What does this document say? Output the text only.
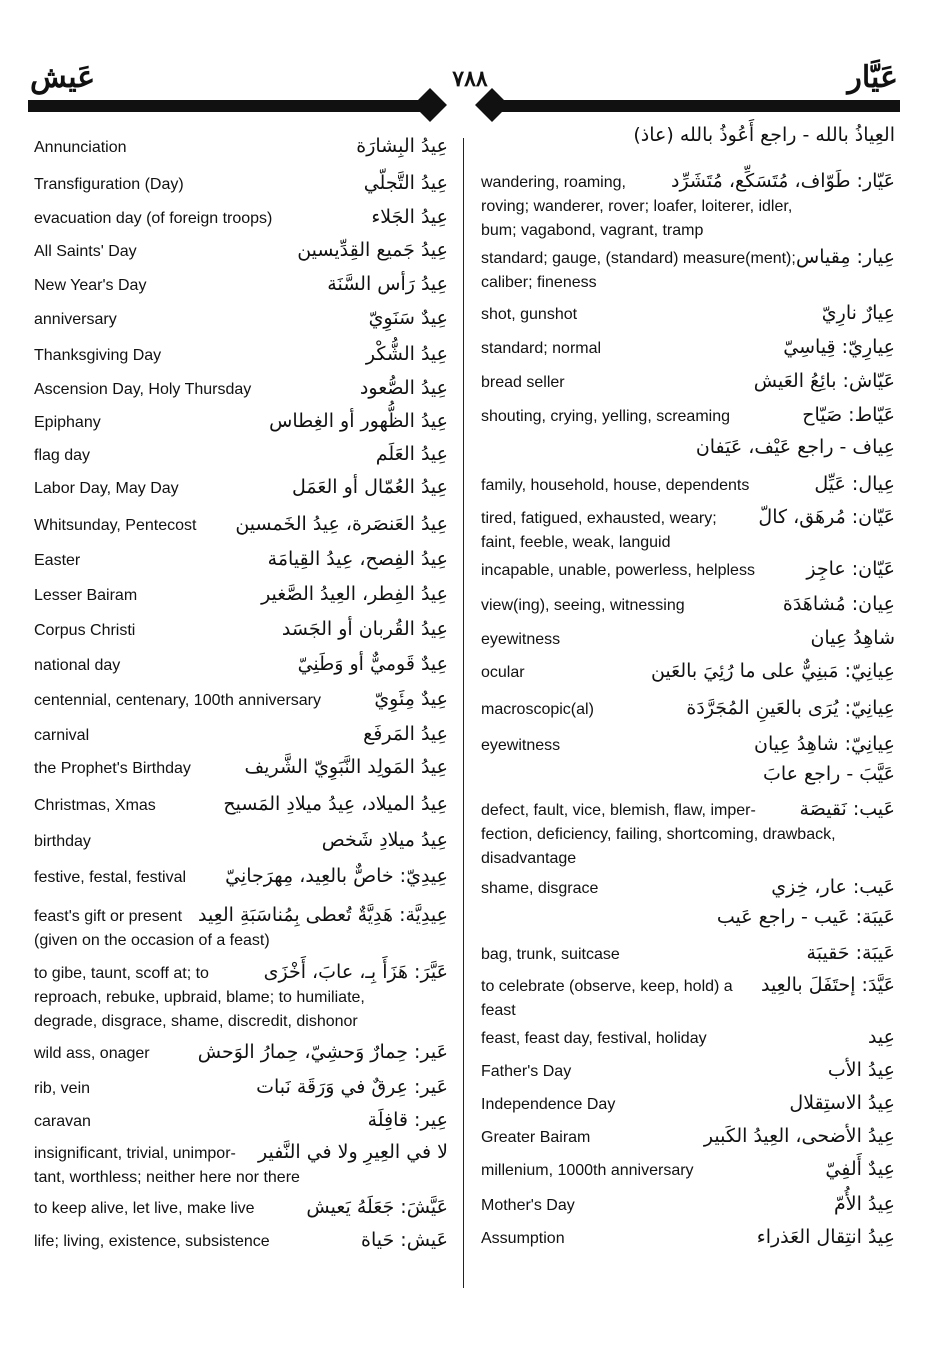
عَيش	٧٨٨	عَيَّار
Annunciation	عِيدُ البِشارَة
Transfiguration (Day)	عِيدُ التَّجلّي
evacuation day (of foreign troops)	عِيدُ الجَلاء
All Saints' Day	عِيدُ جَميع القِدِّيسين
New Year's Day	عِيدُ رَأس السَّنَة
anniversary	عِيدٌ سَنَوِيّ
Thanksgiving Day	عِيدُ الشُّكْر
Ascension Day, Holy Thursday	عِيدُ الصُّعود
Epiphany	عِيدُ الظُّهور أو الغِطاس
flag day	عِيدُ العَلَم
Labor Day, May Day	عِيدُ العُمّال أو العَمَل
Whitsunday, Pentecost عِيدُ العَنصَرة، عِيدُ الخَمسين
Easter	عِيدُ الفِصح، عِيدُ القِيامَة
Lesser Bairam	عِيدُ الفِطر، العِيدُ الصَّغير
Corpus Christi	عِيدُ القُربان أو الجَسَد
national day	عِيدٌ قَوميٌّ أو وَطَنِيّ
centennial, centenary, 100th anniversary	عِيدٌ مِئَوِيّ
carnival	عِيدُ المَرفَع
the Prophet's Birthday	عِيدُ المَولِد النَّبَوِيّ الشَّريف
Christmas, Xmas	عِيدُ الميلاد، عِيدُ ميلادِ المَسيح
birthday	عِيدُ ميلادِ شَخص
festive, festal, festival عِيدِيّ: خاصٌّ بالعِيد، مِهرَجانِيّ
feast's gift or present عِيدِيَّة: هَدِيَّةٌ تُعطى بِمُناسَبَةِ العِيد
(given on the occasion of a feast)
to gibe, taunt, scoff at; to	عَيَّرَ: هَزَأَ بِـ، عابَ، أَخْزَى
reproach, rebuke, upbraid, blame; to humiliate,
degrade, disgrace, shame, discredit, dishonor
wild ass, onager	عَير: حِمارٌ وَحشِيّ، حِمارُ الوَحش
rib, vein	عَير: عِرقٌ في وَرَقَة نَبات
caravan	عِير: قافِلَة
insignificant, trivial, unimpor- لا في العِيرِ ولا في النَّفير
tant, worthless; neither here nor there
to keep alive, let live, make live	عَيَّشَ: جَعَلَهُ يَعيش
life; living, existence, subsistence	عَيش: حَياة
العِياذُ بالله - راجع أَعُوذُ بالله (عاذ)
wandering, roaming, عَيّار: طَوّاف، مُتَسَكِّع، مُتَشَرِّد
roving; wanderer, rover; loafer, loiterer, idler,
bum; vagabond, vagrant, tramp
standard; gauge, (standard) measure(ment); عِيار: مِقياس
caliber; fineness
shot, gunshot	عِيارٌ نارِيّ
standard; normal	عِيارِيّ: قِياسِيّ
bread seller	عَيّاش: بائِعُ العَيش
shouting, crying, yelling, screaming	عَيّاط: صَيّاح
عِياف - راجع عَيْف، عَيَفان
family, household, house, dependents	عِيال: عَيِّل
tired, fatigued, exhausted, weary; عَيّان: مُرهَق، كالّ
faint, feeble, weak, languid
incapable, unable, powerless, helpless	عَيّان: عاجِز
view(ing), seeing, witnessing	عِيان: مُشاهَدَة
eyewitness	شاهِدُ عِيان
ocular	عِيانِيّ: مَبنِيٌّ على ما رُئِيَ بالعَين
macroscopic(al)	عِيانِيّ: يُرَى بالعَينِ المُجَرَّدَة
eyewitness	عِيانِيّ: شاهِدُ عِيان
عَيَّبَ - راجع عابَ
defect, fault, vice, blemish, flaw, imper- عَيب: نَقيصَة
fection, deficiency, failing, shortcoming, drawback,
disadvantage
shame, disgrace	عَيب: عار، خِزي
عَيبَة: عَيب - راجع عَيب
bag, trunk, suitcase	عَيبَة: حَقيبَة
to celebrate (observe, keep, hold) a عَيَّدَ: إحتَفَلَ بالعِيد
feast
feast, feast day, festival, holiday	عِيد
Father's Day	عِيدُ الأب
Independence Day	عِيدُ الاستِقلال
Greater Bairam	عِيدُ الأضحى، العِيدُ الكَبير
millenium, 1000th anniversary	عِيدٌ أَلفِيّ
Mother's Day	عِيدُ الأُمّ
Assumption	عِيدُ انتِقال العَذراء
